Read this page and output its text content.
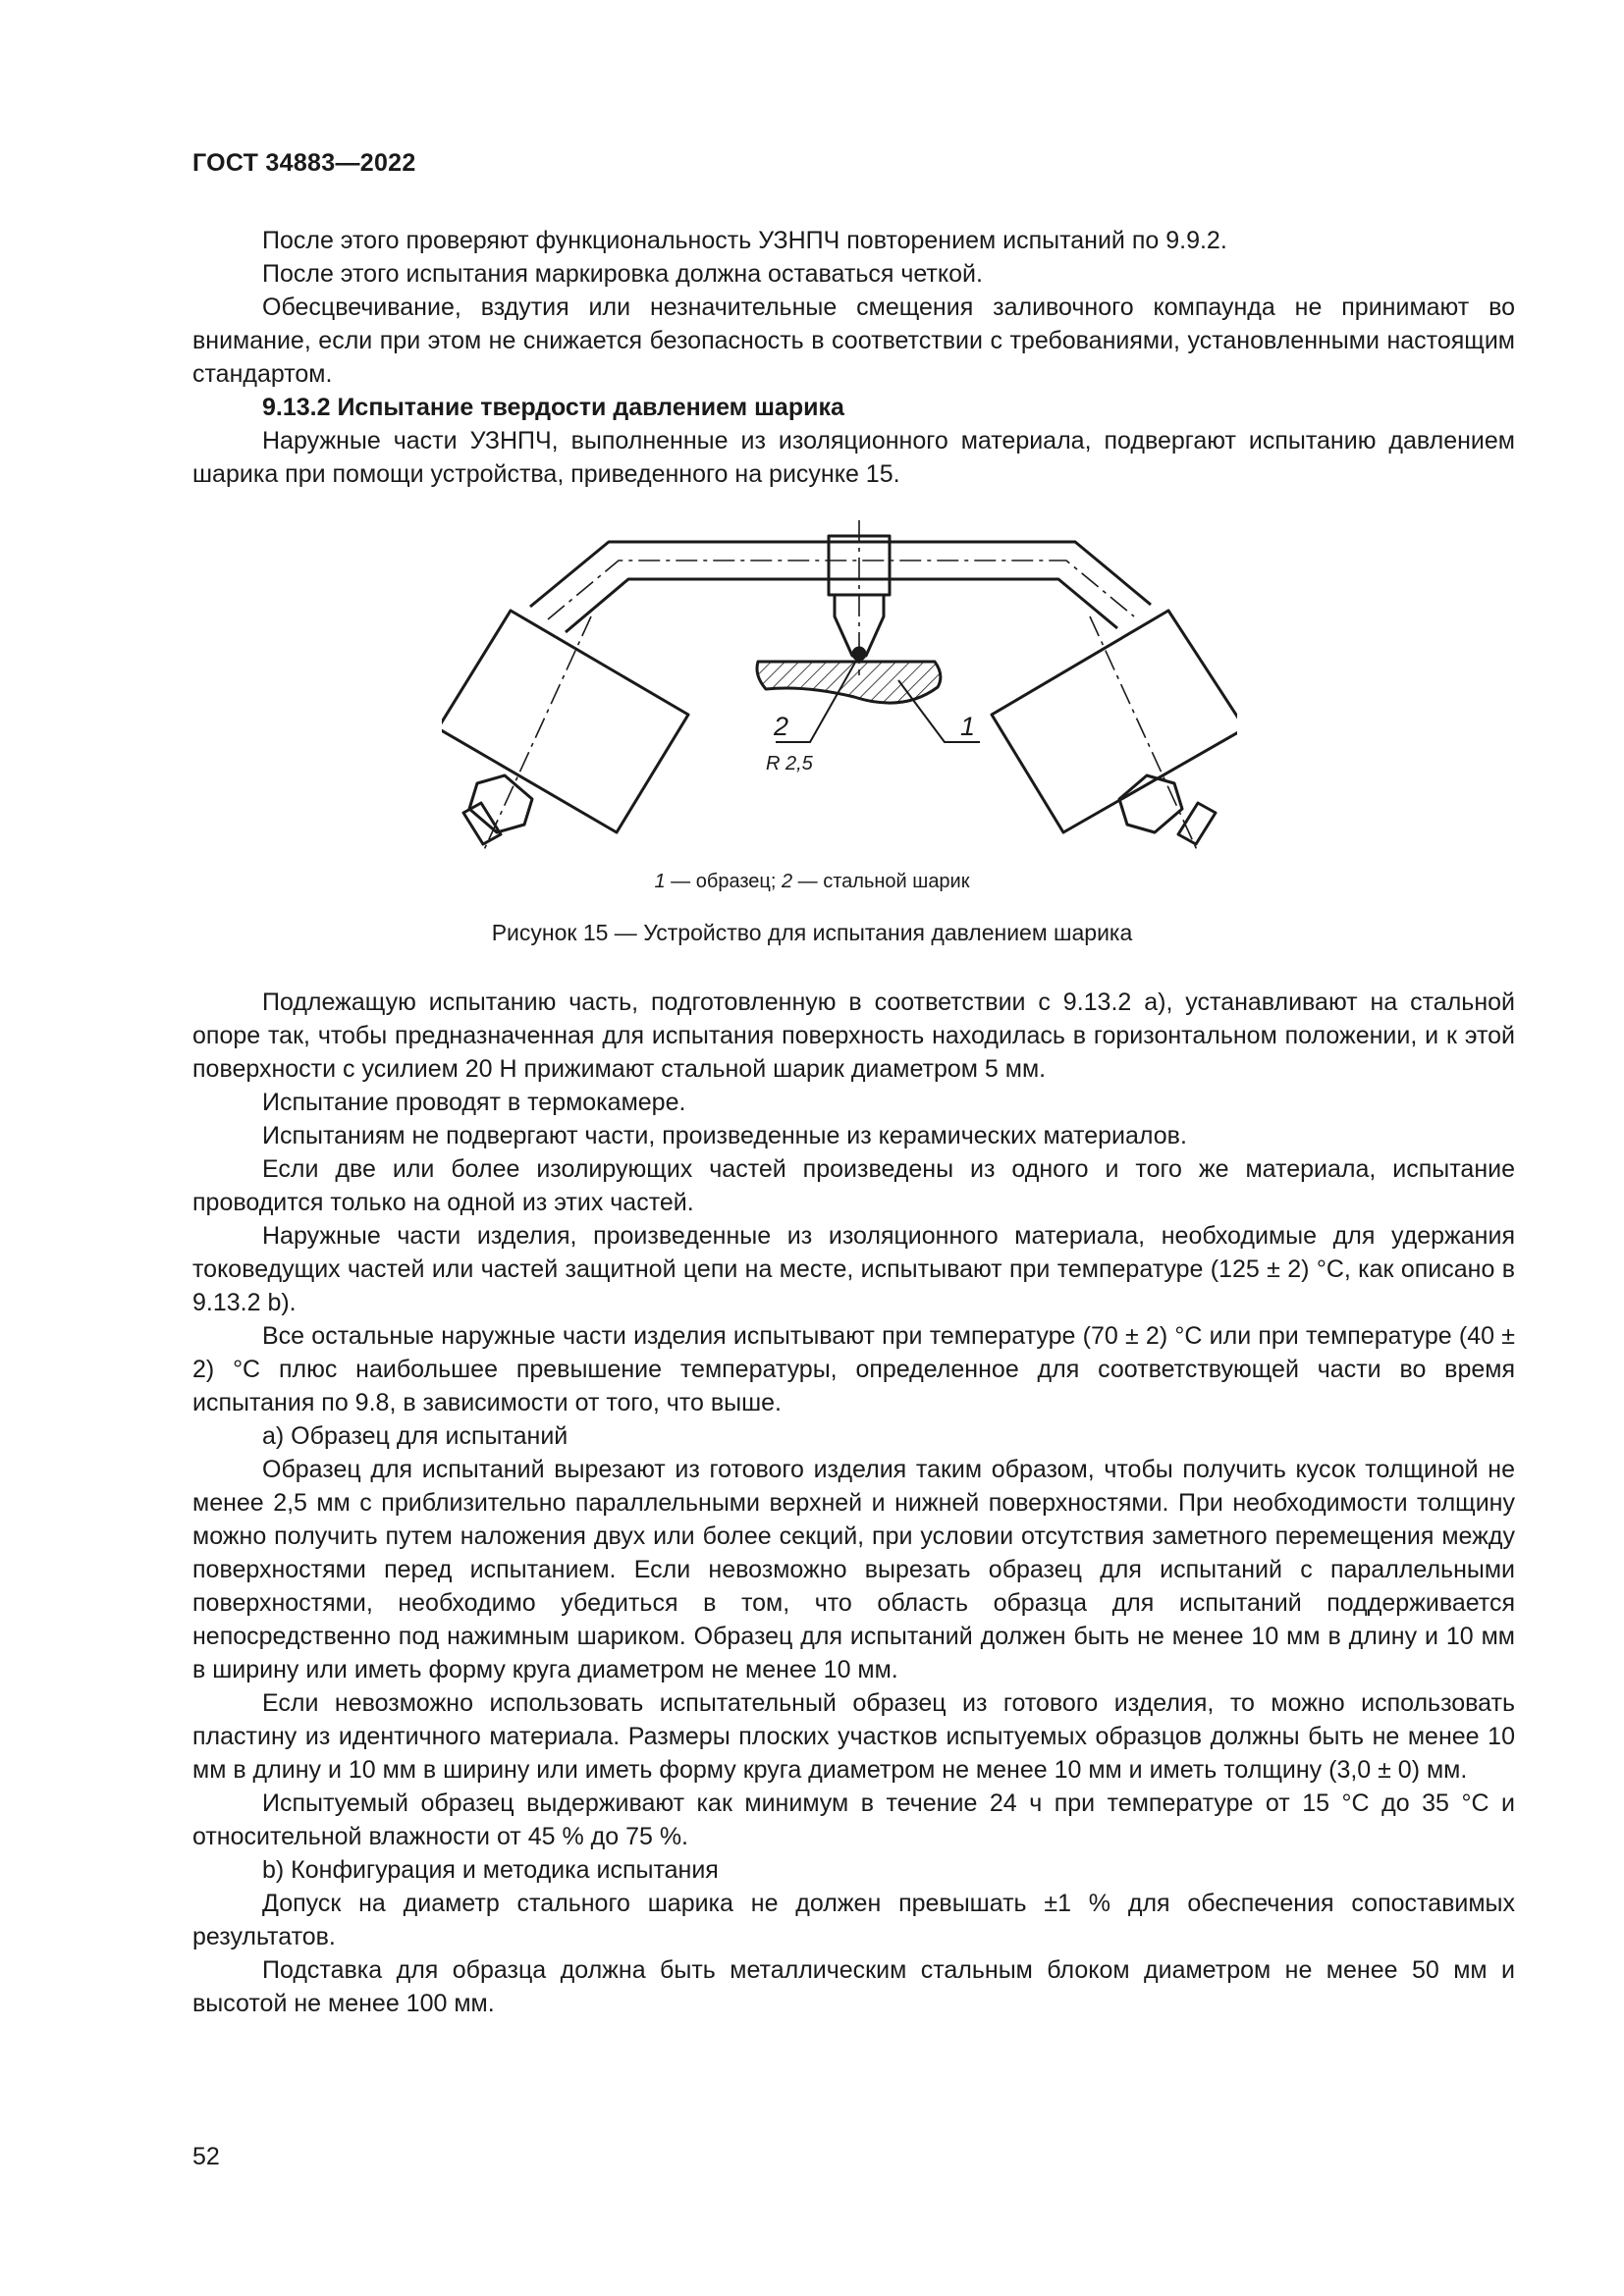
ГОСТ 34883—2022

После этого проверяют функциональность УЗНПЧ повторением испытаний по 9.9.2.

После этого испытания маркировка должна оставаться четкой.

Обесцвечивание, вздутия или незначительные смещения заливочного компаунда не принимают во внимание, если при этом не снижается безопасность в соответствии с требованиями, установленными настоящим стандартом.

9.13.2 Испытание твердости давлением шарика

Наружные части УЗНПЧ, выполненные из изоляционного материала, подвергают испытанию давлением шарика при помощи устройства, приведенного на рисунке 15.

2
R 2,5
1
1 — образец; 2 — стальной шарик
Рисунок 15 — Устройство для испытания давлением шарика

Подлежащую испытанию часть, подготовленную в соответствии с 9.13.2 а), устанавливают на стальной опоре так, чтобы предназначенная для испытания поверхность находилась в горизонтальном положении, и к этой поверхности с усилием 20 Н прижимают стальной шарик диаметром 5 мм.

Испытание проводят в термокамере.

Испытаниям не подвергают части, произведенные из керамических материалов.

Если две или более изолирующих частей произведены из одного и того же материала, испытание проводится только на одной из этих частей.

Наружные части изделия, произведенные из изоляционного материала, необходимые для удержания токоведущих частей или частей защитной цепи на месте, испытывают при температуре (125 ± 2) °С, как описано в 9.13.2 b).

Все остальные наружные части изделия испытывают при температуре (70 ± 2) °С или при температуре (40 ± 2) °С плюс наибольшее превышение температуры, определенное для соответствующей части во время испытания по 9.8, в зависимости от того, что выше.

а) Образец для испытаний

Образец для испытаний вырезают из готового изделия таким образом, чтобы получить кусок толщиной не менее 2,5 мм с приблизительно параллельными верхней и нижней поверхностями. При необходимости толщину можно получить путем наложения двух или более секций, при условии отсутствия заметного перемещения между поверхностями перед испытанием. Если невозможно вырезать образец для испытаний с параллельными поверхностями, необходимо убедиться в том, что область образца для испытаний поддерживается непосредственно под нажимным шариком. Образец для испытаний должен быть не менее 10 мм в длину и 10 мм в ширину или иметь форму круга диаметром не менее 10 мм.

Если невозможно использовать испытательный образец из готового изделия, то можно использовать пластину из идентичного материала. Размеры плоских участков испытуемых образцов должны быть не менее 10 мм в длину и 10 мм в ширину или иметь форму круга диаметром не менее 10 мм и иметь толщину (3,0 ± 0) мм.

Испытуемый образец выдерживают как минимум в течение 24 ч при температуре от 15 °С до 35 °С и относительной влажности от 45 % до 75 %.

b) Конфигурация и методика испытания

Допуск на диаметр стального шарика не должен превышать ±1 % для обеспечения сопоставимых результатов.

Подставка для образца должна быть металлическим стальным блоком диаметром не менее 50 мм и высотой не менее 100 мм.

52
